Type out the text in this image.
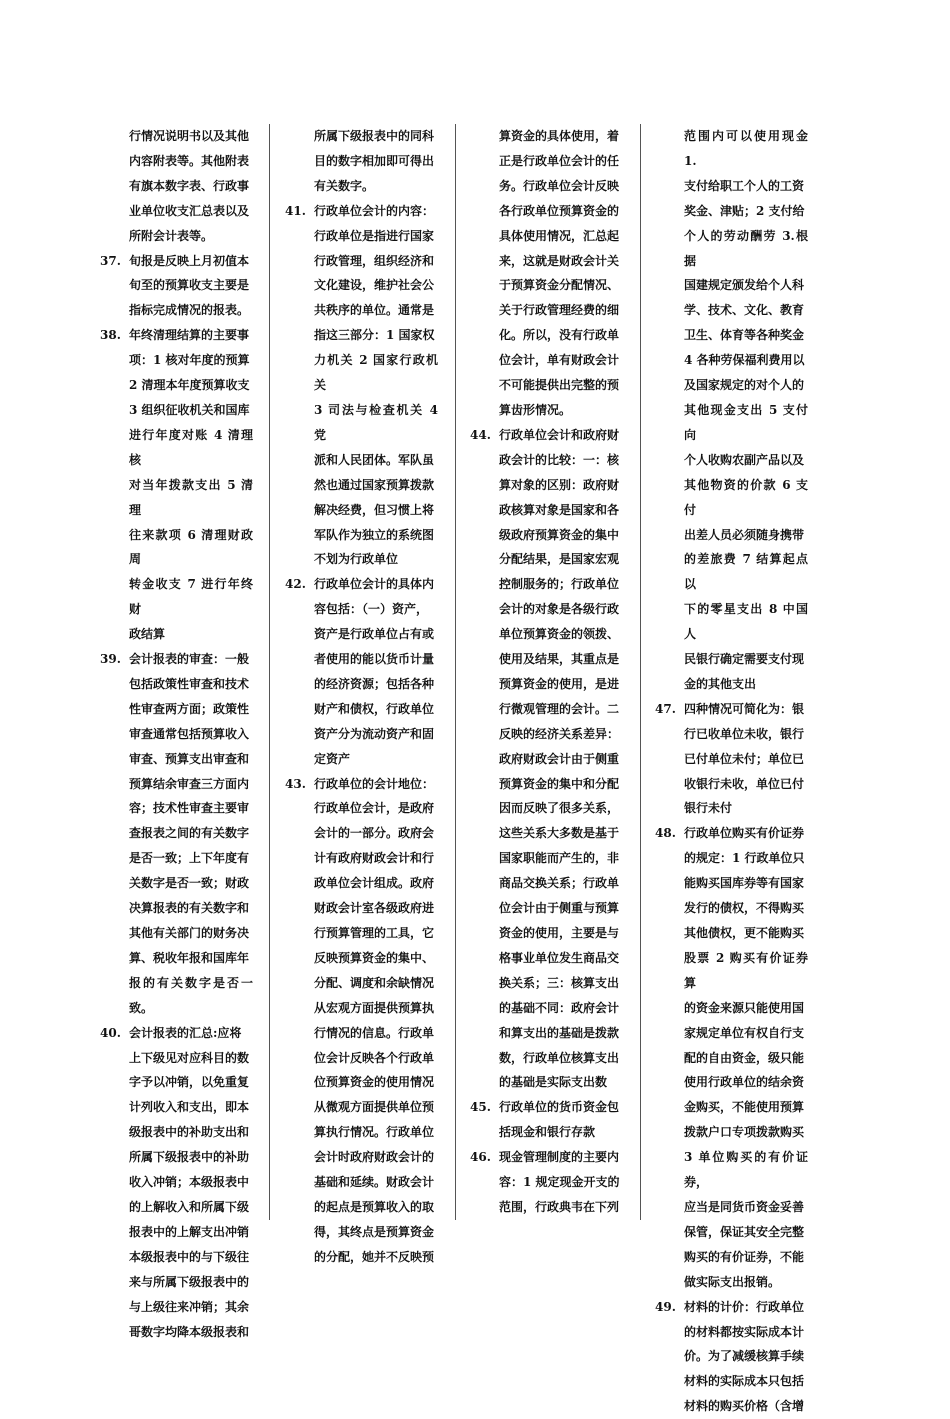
行情况说明书以及其他
内容附表等。其他附表
有旗本数字表、行政事
业单位收支汇总表以及
所附会计表等。
37. 旬报是反映上月初值本
旬至的预算收支主要是
指标完成情况的报表。
38. 年终清理结算的主要事
项：1 核对年度的预算
2 清理本年度预算收支
3 组织征收机关和国库
进行年度对账 4 清理核
对当年拨款支出 5 清理
往来款项 6 清理财政周
转金收支 7 进行年终财
政结算
39. 会计报表的审查：一般
包括政策性审查和技术
性审查两方面；政策性
审查通常包括预算收入
审查、预算支出审查和
预算结余审查三方面内
容；技术性审查主要审
查报表之间的有关数字
是否一致；上下年度有
关数字是否一致；财政
决算报表的有关数字和
其他有关部门的财务决
算、税收年报和国库年
报的有关数字是否一致。
40. 会计报表的汇总:应将
上下级见对应科目的数
字予以冲销，以免重复
计列收入和支出，即本
级报表中的补助支出和
所属下级报表中的补助
收入冲销；本级报表中
的上解收入和所属下级
报表中的上解支出冲销
本级报表中的与下级往
来与所属下级报表中的
与上级往来冲销；其余
哥数字均降本级报表和
所属下级报表中的同科
目的数字相加即可得出
有关数字。
41. 行政单位会计的内容：
行政单位是指进行国家
行政管理，组织经济和
文化建设，维护社会公
共秩序的单位。通常是
指这三部分：1 国家权
力机关 2 国家行政机关
3 司法与检查机关 4 党
派和人民团体。军队虽
然也通过国家预算拨款
解决经费，但习惯上将
军队作为独立的系统图
不划为行政单位
42. 行政单位会计的具体内
容包括：（一）资产，
资产是行政单位占有或
者使用的能以货币计量
的经济资源；包括各种
财产和债权，行政单位
资产分为流动资产和固
定资产
43. 行政单位的会计地位：
行政单位会计，是政府
会计的一部分。政府会
计有政府财政会计和行
政单位会计组成。政府
财政会计室各级政府进
行预算管理的工具，它
反映预算资金的集中、
分配、调度和余缺情况
从宏观方面提供预算执
行情况的信息。行政单
位会计反映各个行政单
位预算资金的使用情况
从微观方面提供单位预
算执行情况。行政单位
会计时政府财政会计的
基础和延续。财政会计
的起点是预算收入的取
得，其终点是预算资金
的分配，她并不反映预
算资金的具体使用，着
正是行政单位会计的任
务。行政单位会计反映
各行政单位预算资金的
具体使用情况，汇总起
来，这就是财政会计关
于预算资金分配情况、
关于行政管理经费的细
化。所以，没有行政单
位会计，单有财政会计
不可能提供出完整的预
算齿形情况。
44. 行政单位会计和政府财
政会计的比较：一：核
算对象的区别：政府财
政核算对象是国家和各
级政府预算资金的集中
分配结果，是国家宏观
控制服务的；行政单位
会计的对象是各级行政
单位预算资金的领拨、
使用及结果，其重点是
预算资金的使用，是进
行微观管理的会计。二
反映的经济关系差异：
政府财政会计由于侧重
预算资金的集中和分配
因而反映了很多关系，
这些关系大多数是基于
国家职能而产生的，非
商品交换关系；行政单
位会计由于侧重与预算
资金的使用，主要是与
格事业单位发生商品交
换关系；三：核算支出
的基础不同：政府会计
和算支出的基础是拨款
数，行政单位核算支出
的基础是实际支出数
45. 行政单位的货币资金包
括现金和银行存款
46. 现金管理制度的主要内
容：1 规定现金开支的
范围，行政典韦在下列
范围内可以使用现金 1.
支付给职工个人的工资
奖金、津贴；2 支付给
个人的劳动酬劳 3.根据
国建规定颁发给个人科
学、技术、文化、教育
卫生、体育等各种奖金
4 各种劳保福利费用以
及国家规定的对个人的
其他现金支出 5 支付向
个人收购农副产品以及
其他物资的价款 6 支付
出差人员必须随身携带
的差旅费 7 结算起点以
下的零星支出 8 中国人
民银行确定需要支付现
金的其他支出
47. 四种情况可简化为：银
行已收单位未收，银行
已付单位未付；单位已
收银行未收，单位已付
银行未付
48. 行政单位购买有价证券
的规定：1 行政单位只
能购买国库券等有国家
发行的债权，不得购买
其他债权，更不能购买
股票 2 购买有价证券算
的资金来源只能使用国
家规定单位有权自行支
配的自由资金，级只能
使用行政单位的结余资
金购买，不能使用预算
拨款户口专项拨款购买
3 单位购买的有价证券，
应当是同货币资金妥善
保管，保证其安全完整
购买的有价证券，不能
做实际支出报销。
49. 材料的计价：行政单位
的材料都按实际成本计
价。为了减缓核算手续
材料的实际成本只包括
材料的购买价格（含增
